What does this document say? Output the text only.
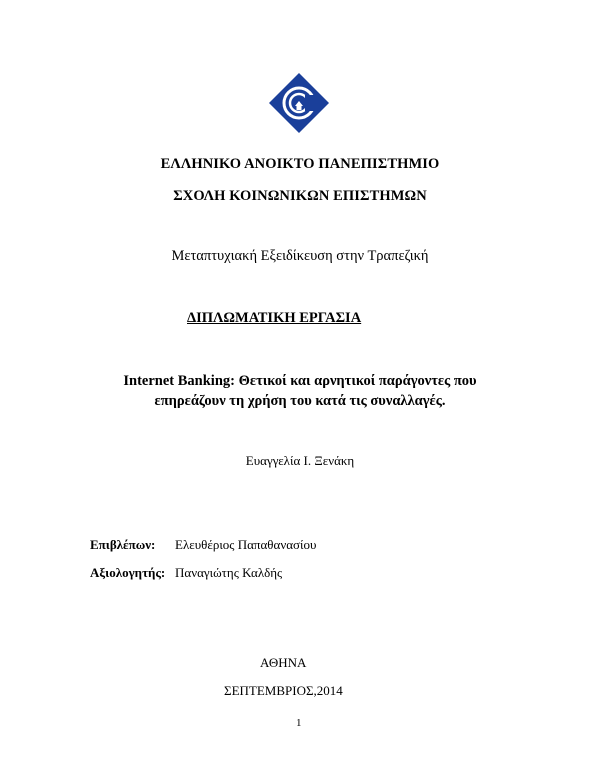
ΕΛΛΗΝΙΚΟ ΑΝΟΙΚΤΟ ΠΑΝΕΠΙΣΤΗΜΙΟ
ΣΧΟΛΗ ΚΟΙΝΩΝΙΚΩΝ ΕΠΙΣΤΗΜΩΝ
Μεταπτυχιακή Εξειδίκευση στην Τραπεζική
ΔΙΠΛΩΜΑΤΙΚΗ ΕΡΓΑΣΙΑ
Internet Banking: Θετικοί και αρνητικοί παράγοντες που
επηρεάζουν τη χρήση του κατά τις συναλλαγές.
Ευαγγελία Ι. Ξενάκη
Επιβλέπων: Ελευθέριος Παπαθανασίου
Αξιολογητής: Παναγιώτης Καλδής
ΑΘΗΝΑ
ΣΕΠΤΕΜΒΡΙΟΣ,2014
1
